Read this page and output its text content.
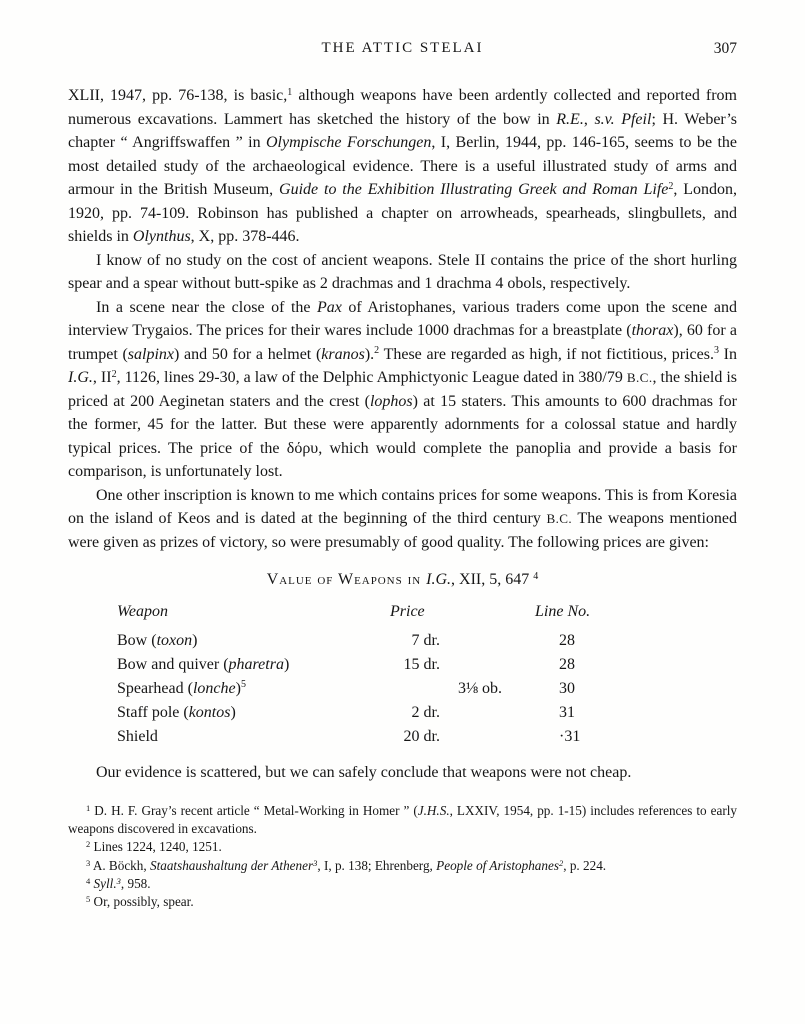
THE ATTIC STELAI	307

XLII, 1947, pp. 76-138, is basic,$^1$ although weapons have been ardently collected and reported from numerous excavations. Lammert has sketched the history of the bow in R.E., s.v. Pfeil; H. Weber’s chapter “ Angriffswaffen ” in Olympische Forschungen, I, Berlin, 1944, pp. 146-165, seems to be the most detailed study of the archaeological evidence. There is a useful illustrated study of arms and armour in the British Museum, Guide to the Exhibition Illustrating Greek and Roman Life$^2$, London, 1920, pp. 74-109. Robinson has published a chapter on arrowheads, spearheads, slingbullets, and shields in Olynthus, X, pp. 378-446.

I know of no study on the cost of ancient weapons. Stele II contains the price of the short hurling spear and a spear without butt-spike as 2 drachmas and 1 drachma 4 obols, respectively.

In a scene near the close of the Pax of Aristophanes, various traders come upon the scene and interview Trygaios. The prices for their wares include 1000 drachmas for a breastplate (thorax), 60 for a trumpet (salpinx) and 50 for a helmet (kranos).$^2$ These are regarded as high, if not fictitious, prices.$^3$ In I.G., $II^2$, 1126, lines 29-30, a law of the Delphic Amphictyonic League dated in 380/79 B.C., the shield is priced at 200 Aeginetan staters and the crest (lophos) at 15 staters. This amounts to 600 drachmas for the former, 45 for the latter. But these were apparently adornments for a colossal statue and hardly typical prices. The price of the δόρυ, which would complete the panoplia and provide a basis for comparison, is unfortunately lost.

One other inscription is known to me which contains prices for some weapons. This is from Koresia on the island of Keos and is dated at the beginning of the third century B.C. The weapons mentioned were given as prizes of victory, so were presumably of good quality. The following prices are given:

Value of Weapons in I.G., XII, 5, 647 $^4$
Weapon	Price	Line No.
Bow (toxon)	7 dr.	28
Bow and quiver (pharetra)	15 dr.	28
Spearhead (lonche)$^5$	3⅛ ob.	30
Staff pole (kontos)	2 dr.	31
Shield	20 dr.	·31

Our evidence is scattered, but we can safely conclude that weapons were not cheap.

$^1$ D. H. F. Gray’s recent article “ Metal-Working in Homer ” (J.H.S., LXXIV, 1954, pp. 1-15) includes references to early weapons discovered in excavations.

$^2$ Lines 1224, 1240, 1251.

$^3$ A. Böckh, Staatshaushaltung der Athener$^3$, I, p. 138; Ehrenberg, People of Aristophanes$^2$, p. 224.

$^4$ Syll.$^3$, 958.

$^5$ Or, possibly, spear.
